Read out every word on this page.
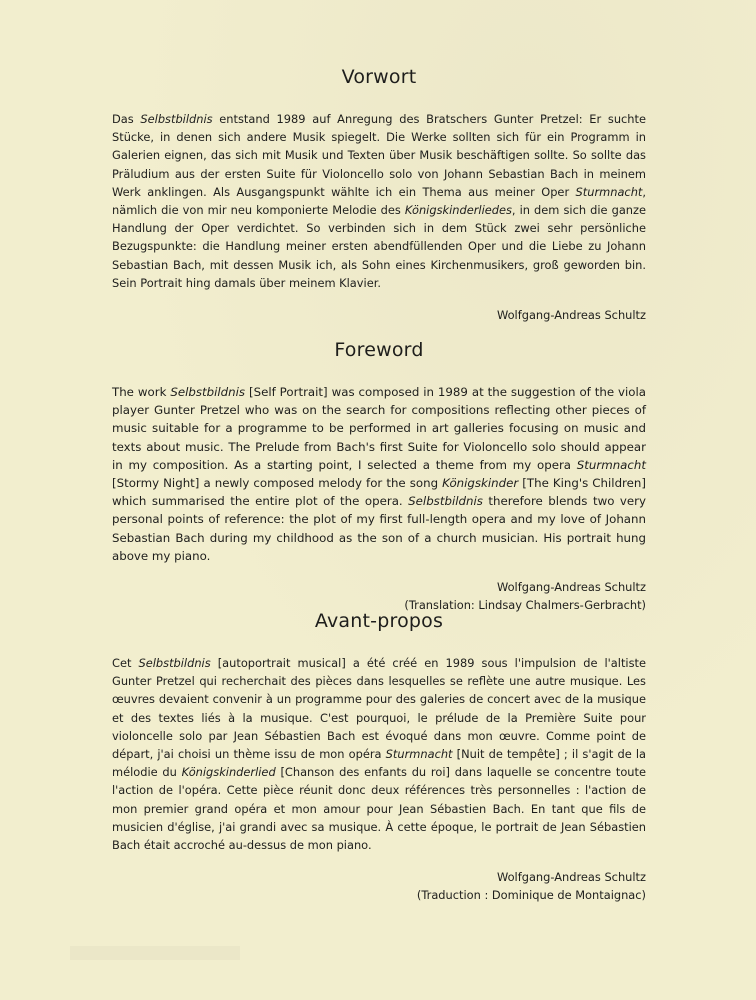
Vorwort

Das Selbstbildnis entstand 1989 auf Anregung des Bratschers Gunter Pretzel: Er suchte Stücke, in denen sich andere Musik spiegelt. Die Werke sollten sich für ein Programm in Galerien eignen, das sich mit Musik und Texten über Musik beschäftigen sollte. So sollte das Präludium aus der ersten Suite für Violoncello solo von Johann Sebastian Bach in meinem Werk anklingen. Als Ausgangspunkt wählte ich ein Thema aus meiner Oper Sturmnacht, nämlich die von mir neu komponierte Melodie des Königskinderliedes, in dem sich die ganze Handlung der Oper verdichtet. So verbinden sich in dem Stück zwei sehr persönliche Bezugspunkte: die Handlung meiner ersten abendfüllenden Oper und die Liebe zu Johann Sebastian Bach, mit dessen Musik ich, als Sohn eines Kirchenmusikers, groß geworden bin. Sein Portrait hing damals über meinem Klavier.

Wolfgang-Andreas Schultz

Foreword

The work Selbstbildnis [Self Portrait] was composed in 1989 at the suggestion of the viola player Gunter Pretzel who was on the search for compositions reflecting other pieces of music suitable for a programme to be performed in art galleries focusing on music and texts about music. The Prelude from Bach's first Suite for Violoncello solo should appear in my composition. As a starting point, I selected a theme from my opera Sturmnacht [Stormy Night] a newly composed melody for the song Königskinder [The King's Children] which summarised the entire plot of the opera. Selbstbildnis therefore blends two very personal points of reference: the plot of my first full-length opera and my love of Johann Sebastian Bach during my childhood as the son of a church musician. His portrait hung above my piano.

Wolfgang-Andreas Schultz
(Translation: Lindsay Chalmers-Gerbracht)

Avant-propos

Cet Selbstbildnis [autoportrait musical] a été créé en 1989 sous l'impulsion de l'altiste Gunter Pretzel qui recherchait des pièces dans lesquelles se reflète une autre musique. Les œuvres devaient convenir à un programme pour des galeries de concert avec de la musique et des textes liés à la musique. C'est pourquoi, le prélude de la Première Suite pour violoncelle solo par Jean Sébastien Bach est évoqué dans mon œuvre. Comme point de départ, j'ai choisi un thème issu de mon opéra Sturmnacht [Nuit de tempête] ; il s'agit de la mélodie du Königskinderlied [Chanson des enfants du roi] dans laquelle se concentre toute l'action de l'opéra. Cette pièce réunit donc deux références très personnelles : l'action de mon premier grand opéra et mon amour pour Jean Sébastien Bach. En tant que fils de musicien d'église, j'ai grandi avec sa musique. À cette époque, le portrait de Jean Sébastien Bach était accroché au-dessus de mon piano.

Wolfgang-Andreas Schultz
(Traduction : Dominique de Montaignac)
